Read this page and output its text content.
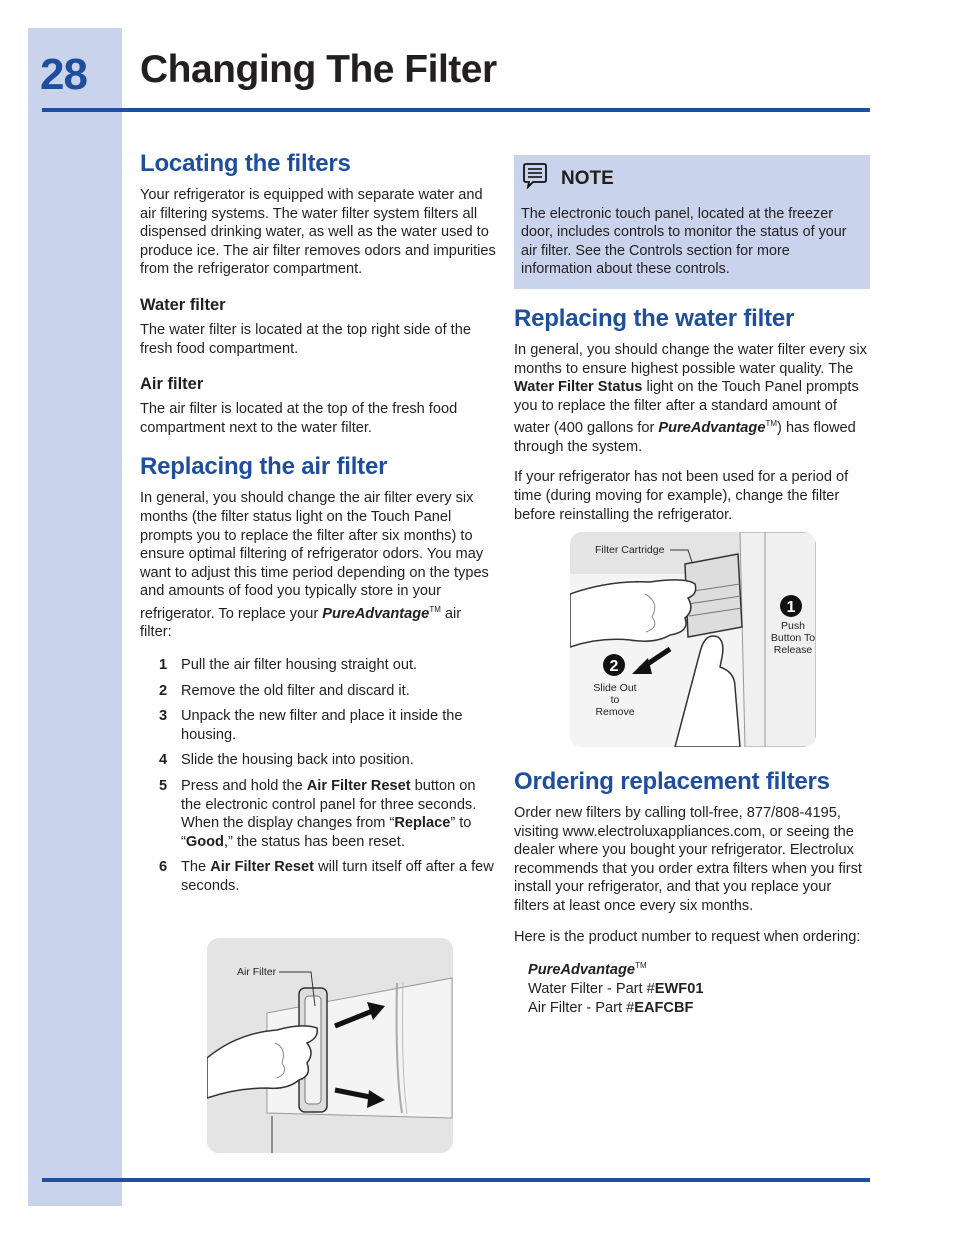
28 Changing The Filter
Locating the filters

Your refrigerator is equipped with separate water and air filtering systems. The water filter system filters all dispensed drinking water, as well as the water used to produce ice. The air filter removes odors and impurities from the refrigerator compartment.

Water filter

The water filter is located at the top right side of the fresh food compartment.

Air filter

The air filter is located at the top of the fresh food compartment next to the water filter.

Replacing the air filter

In general, you should change the air filter every six months (the filter status light on the Touch Panel prompts you to replace the filter after six months) to ensure optimal filtering of refrigerator odors. You may want to adjust this time period depending on the types and amounts of food you typically store in your refrigerator. To replace your PureAdvantage™ air filter:

1 Pull the air filter housing straight out.
2 Remove the old filter and discard it.
3 Unpack the new filter and place it inside the housing.
4 Slide the housing back into position.
5 Press and hold the Air Filter Reset button on the electronic control panel for three seconds. When the display changes from “Replace” to “Good,” the status has been reset.
6 The Air Filter Reset will turn itself off after a few seconds.
Air Filter
NOTE

The electronic touch panel, located at the freezer door, includes controls to monitor the status of your air filter. See the Controls section for more information about these controls.

Replacing the water filter

In general, you should change the water filter every six months to ensure highest possible water quality. The Water Filter Status light on the Touch Panel prompts you to replace the filter after a standard amount of water (400 gallons for PureAdvantage™) has flowed through the system.

If your refrigerator has not been used for a period of time (during moving for example), change the filter before reinstalling the refrigerator.

1
2
Filter Cartridge
Push Button To Release
Slide Out to Remove
Ordering replacement filters

Order new filters by calling toll-free, 877/808-4195, visiting www.electroluxappliances.com, or seeing the dealer where you bought your refrigerator. Electrolux recommends that you order extra filters when you first install your refrigerator, and that you replace your filters at least once every six months.

Here is the product number to request when ordering:

PureAdvantage™
Water Filter - Part #EWF01
Air Filter - Part #EAFCBF
